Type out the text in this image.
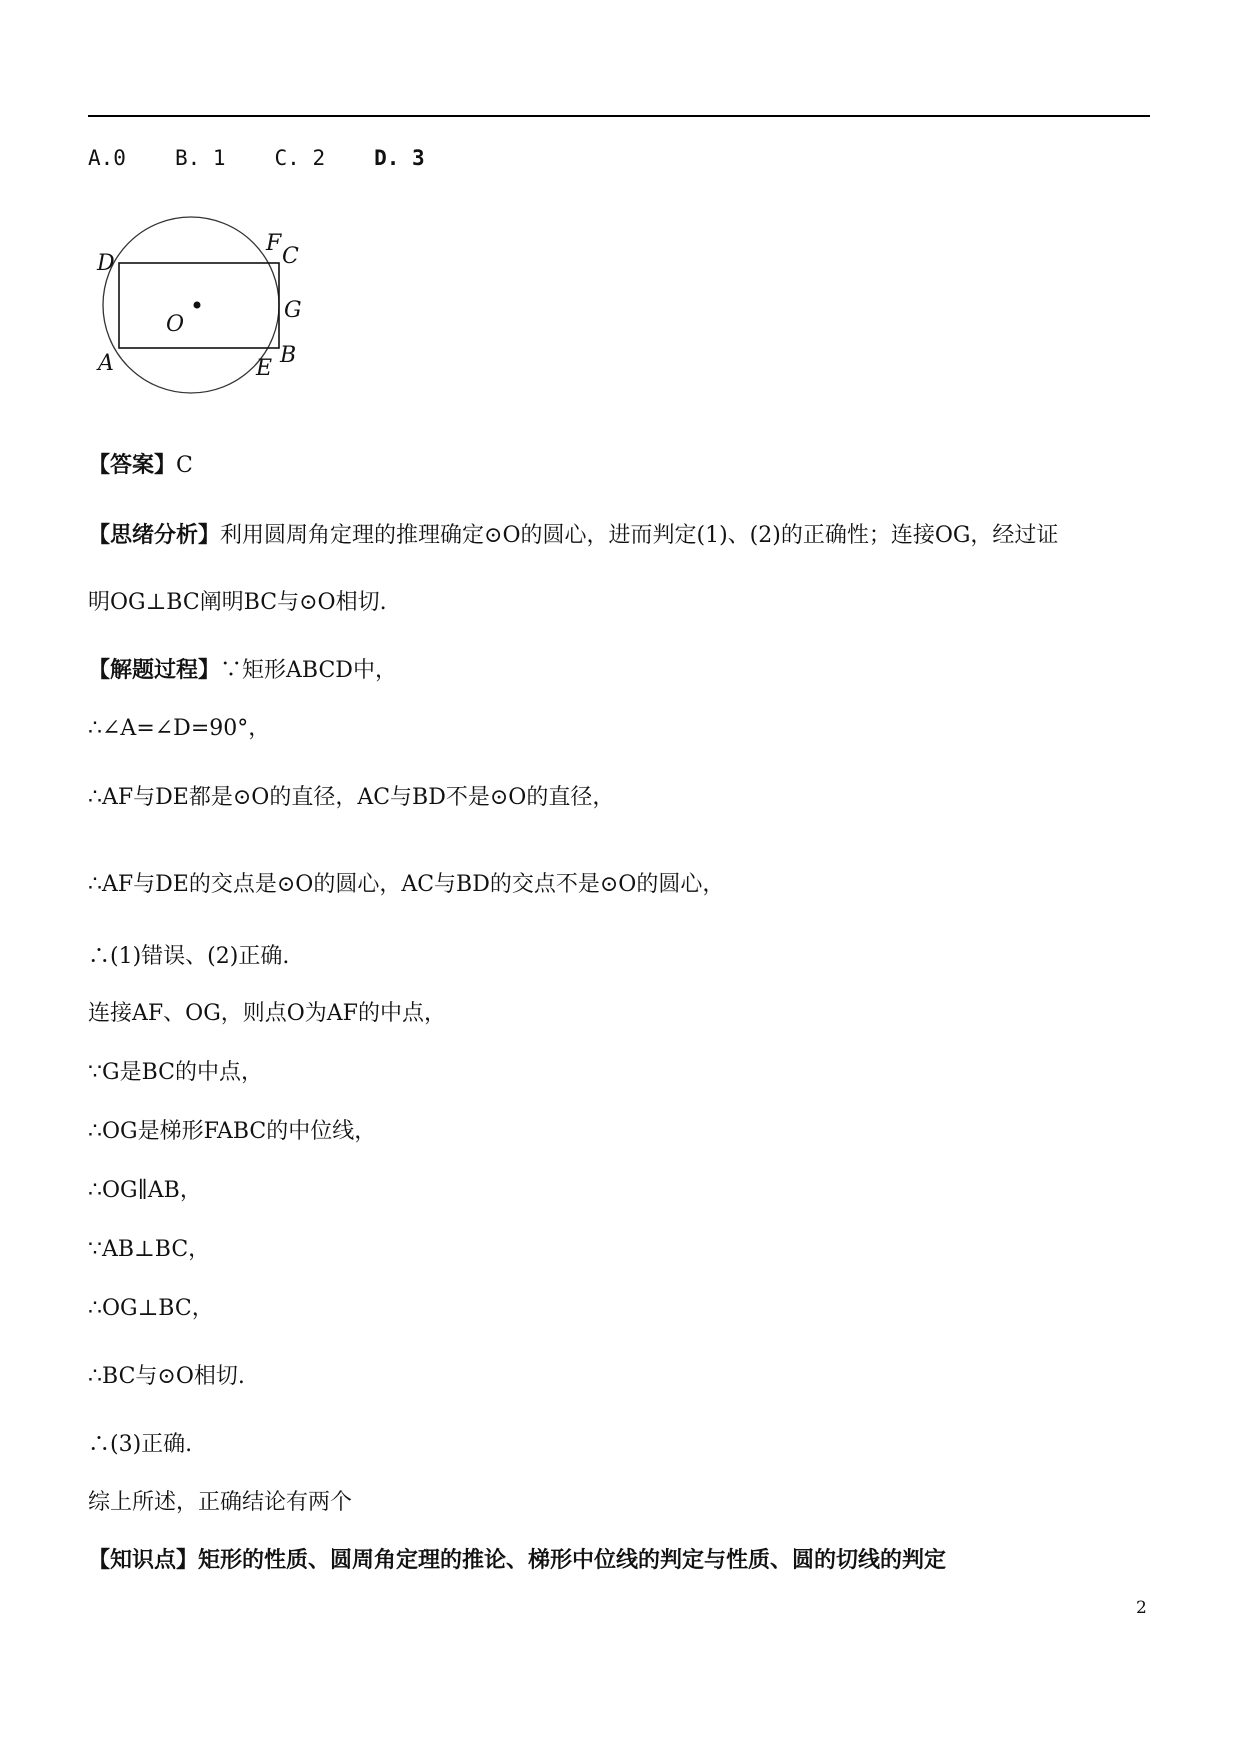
A.0 B. 1 C. 2 D. 3
D
F
C
O
G
A	E
B
【答案】C
【思绪分析】利用圆周角定理的推理确定⊙O的圆心，进而判定(1)、(2)的正确性；连接OG，经过证
明OG⊥BC阐明BC与⊙O相切.
【解题过程】∵矩形ABCD中，
∴∠A=∠D=90°，
∴AF与DE都是⊙O的直径，AC与BD不是⊙O的直径，
∴AF与DE的交点是⊙O的圆心，AC与BD的交点不是⊙O的圆心，
∴(1)错误、(2)正确.
连接AF、OG，则点O为AF的中点，
∵G是BC的中点，
∴OG是梯形FABC的中位线，
∴OG∥AB，
∵AB⊥BC，
∴OG⊥BC，
∴BC与⊙O相切.
∴(3)正确.
综上所述，正确结论有两个
【知识点】矩形的性质、圆周角定理的推论、梯形中位线的判定与性质、圆的切线的判定
2
